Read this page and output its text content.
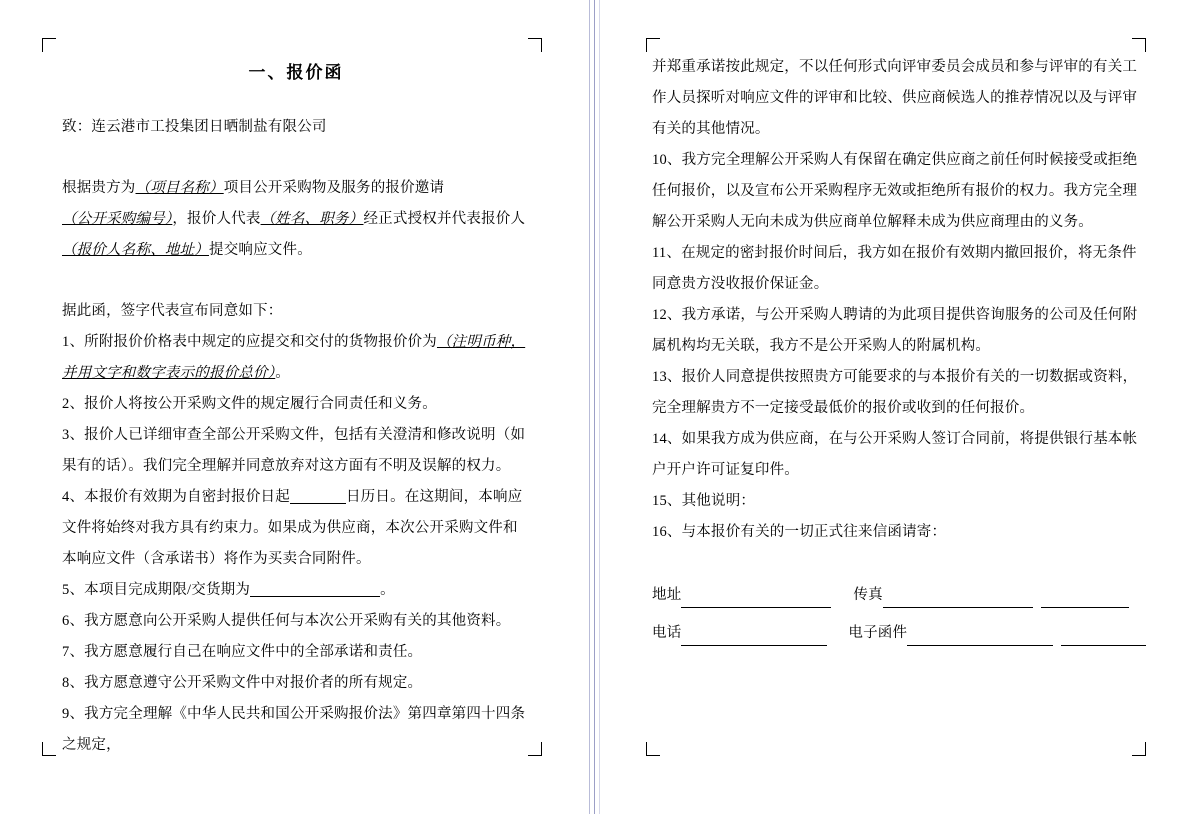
一、报价函

致：连云港市工投集团日晒制盐有限公司

根据贵方为（项目名称）项目公开采购物及服务的报价邀请（公开采购编号），报价人代表（姓名、职务）经正式授权并代表报价人（报价人名称、地址）提交响应文件。

据此函，签字代表宣布同意如下：

1、所附报价价格表中规定的应提交和交付的货物报价价为（注明币种，并用文字和数字表示的报价总价）。

2、报价人将按公开采购文件的规定履行合同责任和义务。

3、报价人已详细审查全部公开采购文件，包括有关澄清和修改说明（如果有的话）。我们完全理解并同意放弃对这方面有不明及误解的权力。

4、本报价有效期为自密封报价日起	日历日。在这期间，本响应文件将始终对我方具有约束力。如果成为供应商，本次公开采购文件和本响应文件（含承诺书）将作为买卖合同附件。

5、本项目完成期限/交货期为	。

6、我方愿意向公开采购人提供任何与本次公开采购有关的其他资料。

7、我方愿意履行自己在响应文件中的全部承诺和责任。

8、我方愿意遵守公开采购文件中对报价者的所有规定。

9、我方完全理解《中华人民共和国公开采购报价法》第四章第四十四条之规定，

并郑重承诺按此规定，不以任何形式向评审委员会成员和参与评审的有关工作人员探听对响应文件的评审和比较、供应商候选人的推荐情况以及与评审有关的其他情况。

10、我方完全理解公开采购人有保留在确定供应商之前任何时候接受或拒绝任何报价，以及宣布公开采购程序无效或拒绝所有报价的权力。我方完全理解公开采购人无向未成为供应商单位解释未成为供应商理由的义务。

11、在规定的密封报价时间后，我方如在报价有效期内撤回报价，将无条件同意贵方没收报价保证金。

12、我方承诺，与公开采购人聘请的为此项目提供咨询服务的公司及任何附属机构均无关联，我方不是公开采购人的附属机构。

13、报价人同意提供按照贵方可能要求的与本报价有关的一切数据或资料，完全理解贵方不一定接受最低价的报价或收到的任何报价。

14、如果我方成为供应商，在与公开采购人签订合同前，将提供银行基本帐户开户许可证复印件。

15、其他说明：

16、与本报价有关的一切正式往来信函请寄：

地址	传真
电话	电子函件
